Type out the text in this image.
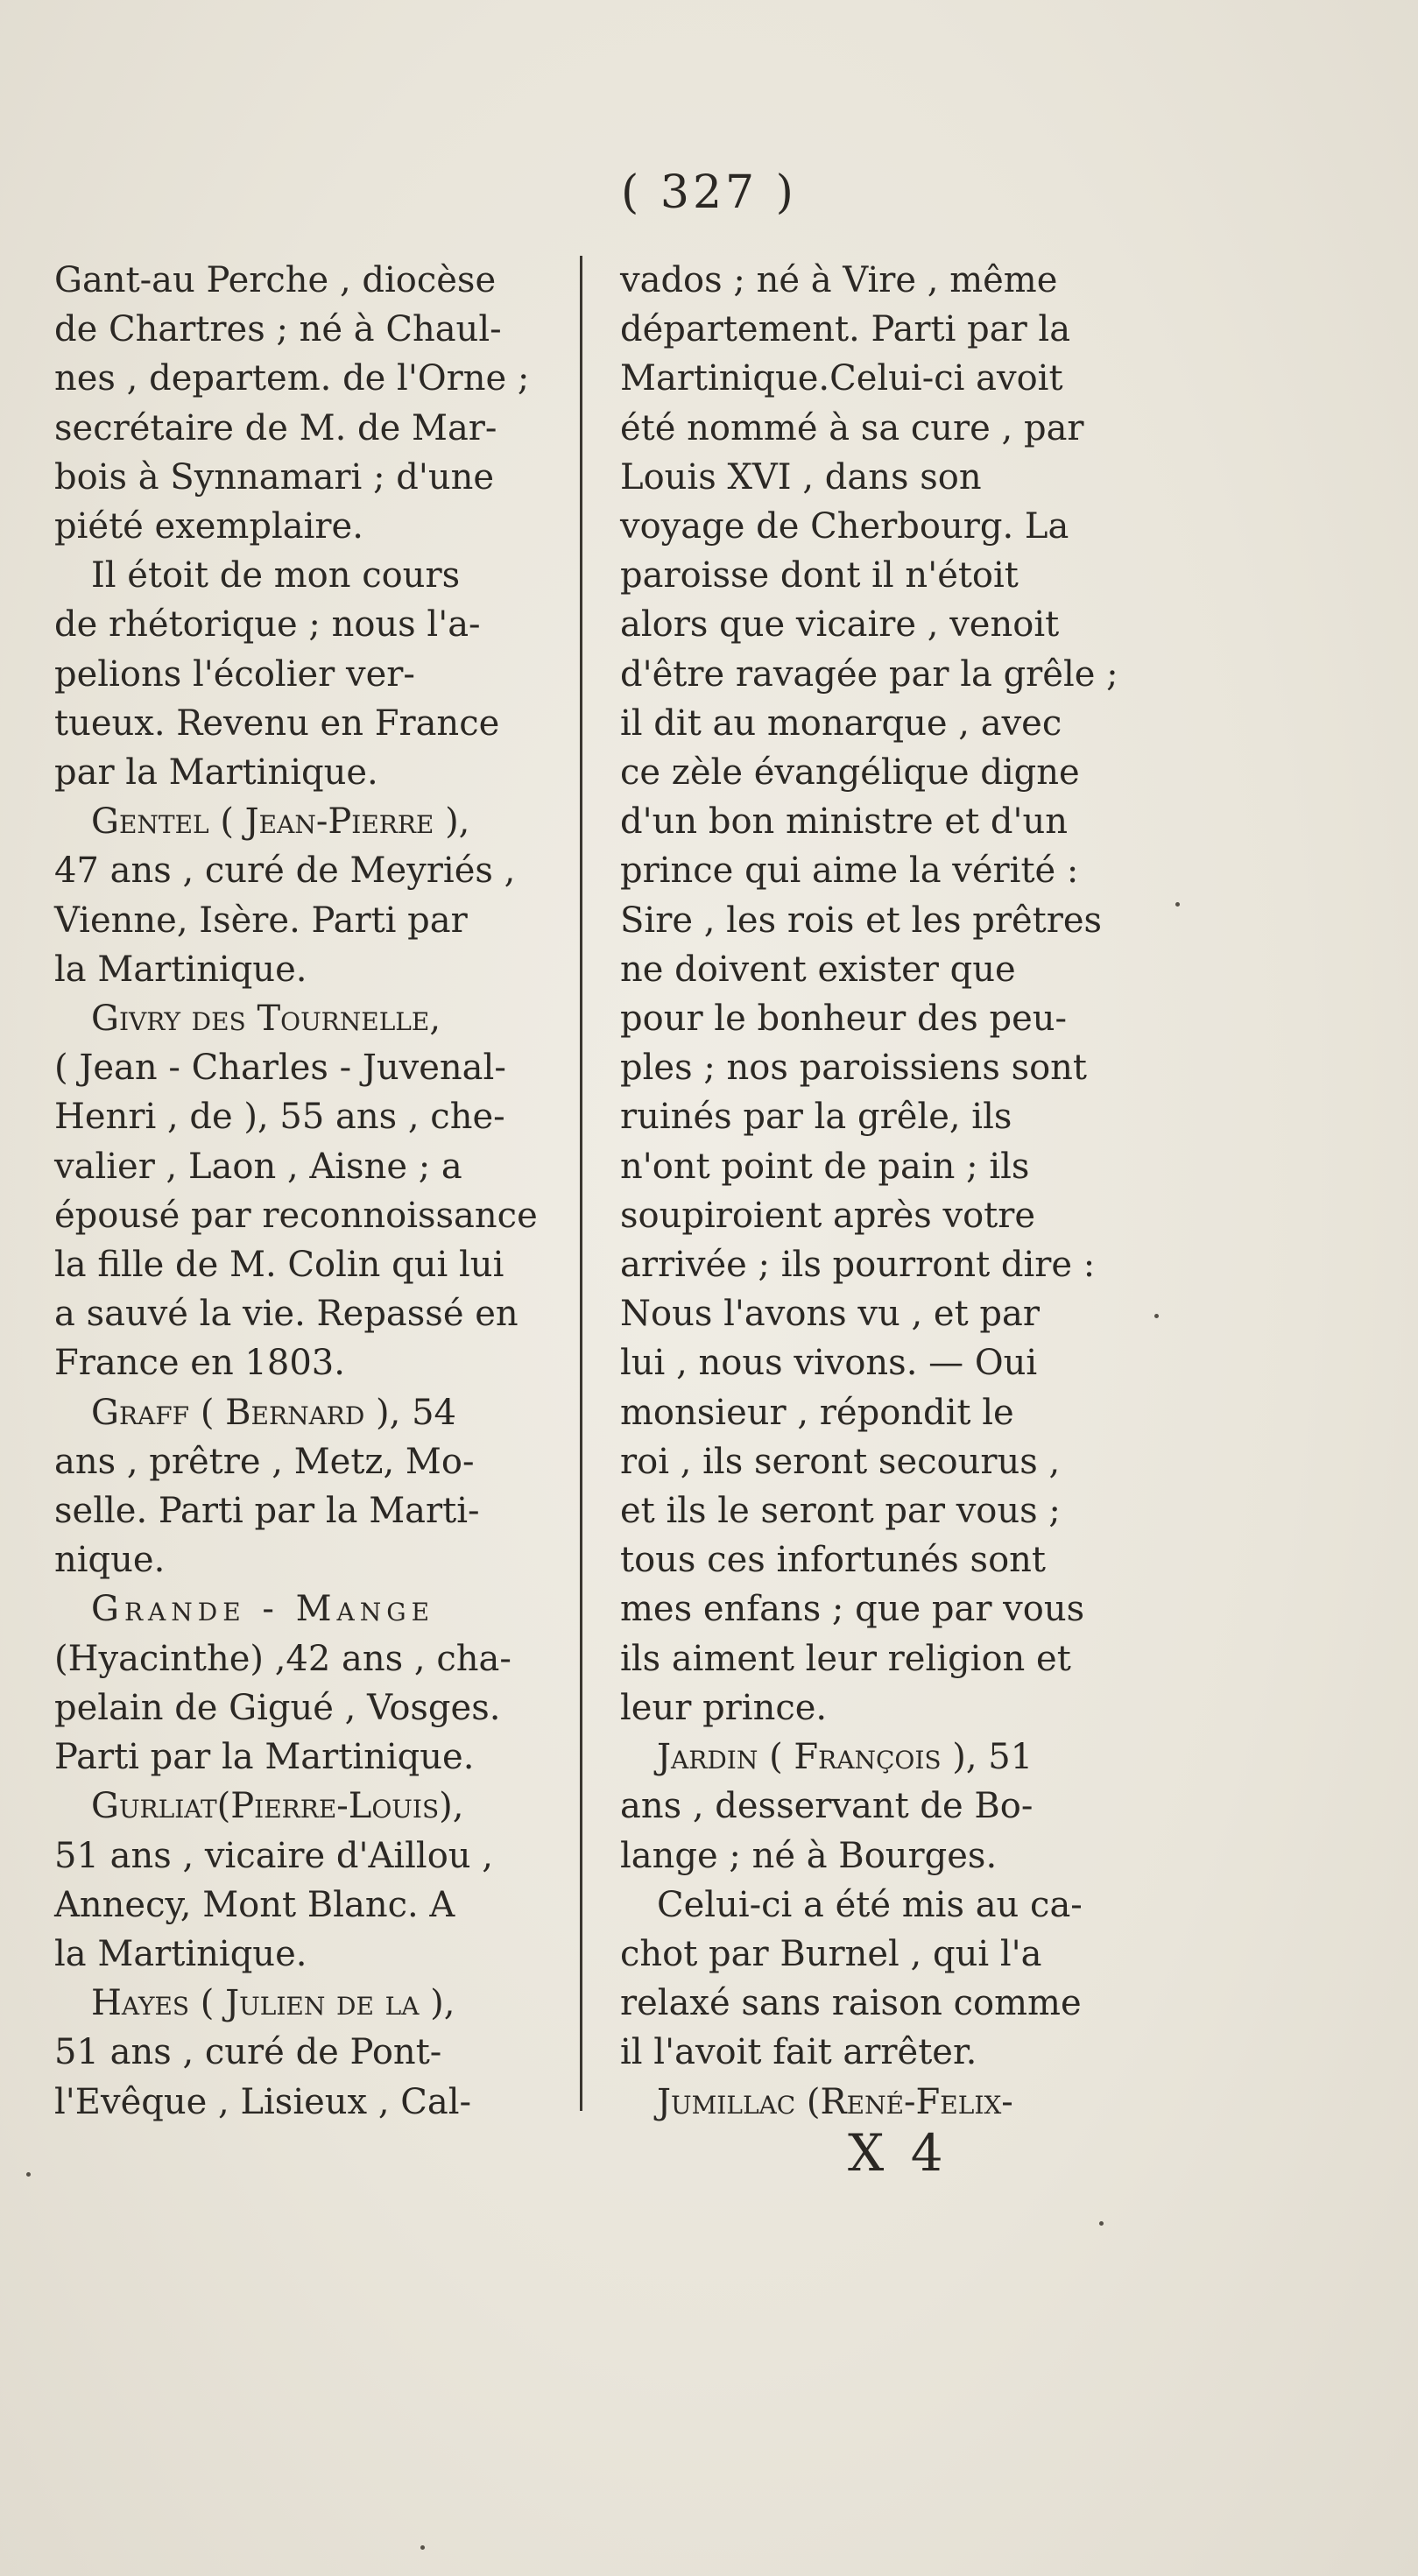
( 327 )
Gant-au Perche , diocèse
de Chartres ; né à Chaul-
nes , departem. de l'Orne ;
secrétaire de M. de Mar-
bois à Synnamari ; d'une
piété exemplaire.
Il étoit de mon cours
de rhétorique ; nous l'a-
pelions l'écolier ver-
tueux. Revenu en France
par la Martinique.
Gentel ( Jean-Pierre ),
47 ans , curé de Meyriés ,
Vienne, Isère. Parti par
la Martinique.
Givry des Tournelle,
( Jean - Charles - Juvenal-
Henri , de ), 55 ans , che-
valier , Laon , Aisne ; a
épousé par reconnoissance
la fille de M. Colin qui lui
a sauvé la vie. Repassé en
France en 1803.
Graff ( Bernard ), 54
ans , prêtre , Metz, Mo-
selle. Parti par la Marti-
nique.
Grande - Mange
(Hyacinthe) ,42 ans , cha-
pelain de Gigué , Vosges.
Parti par la Martinique.
Gurliat(Pierre-Louis),
51 ans , vicaire d'Aillou ,
Annecy, Mont Blanc. A
la Martinique.
Hayes ( Julien de la ),
51 ans , curé de Pont-
l'Evêque , Lisieux , Cal-
vados ; né à Vire , même
département. Parti par la
Martinique.Celui-ci avoit
été nommé à sa cure , par
Louis XVI , dans son
voyage de Cherbourg. La
paroisse dont il n'étoit
alors que vicaire , venoit
d'être ravagée par la grêle ;
il dit au monarque , avec
ce zèle évangélique digne
d'un bon ministre et d'un
prince qui aime la vérité :
Sire , les rois et les prêtres
ne doivent exister que
pour le bonheur des peu-
ples ; nos paroissiens sont
ruinés par la grêle, ils
n'ont point de pain ; ils
soupiroient après votre
arrivée ; ils pourront dire :
Nous l'avons vu , et par
lui , nous vivons. — Oui
monsieur , répondit le
roi , ils seront secourus ,
et ils le seront par vous ;
tous ces infortunés sont
mes enfans ; que par vous
ils aiment leur religion et
leur prince.
Jardin ( François ), 51
ans , desservant de Bo-
lange ; né à Bourges.
Celui-ci a été mis au ca-
chot par Burnel , qui l'a
relaxé sans raison comme
il l'avoit fait arrêter.
Jumillac (René-Felix-
X 4
